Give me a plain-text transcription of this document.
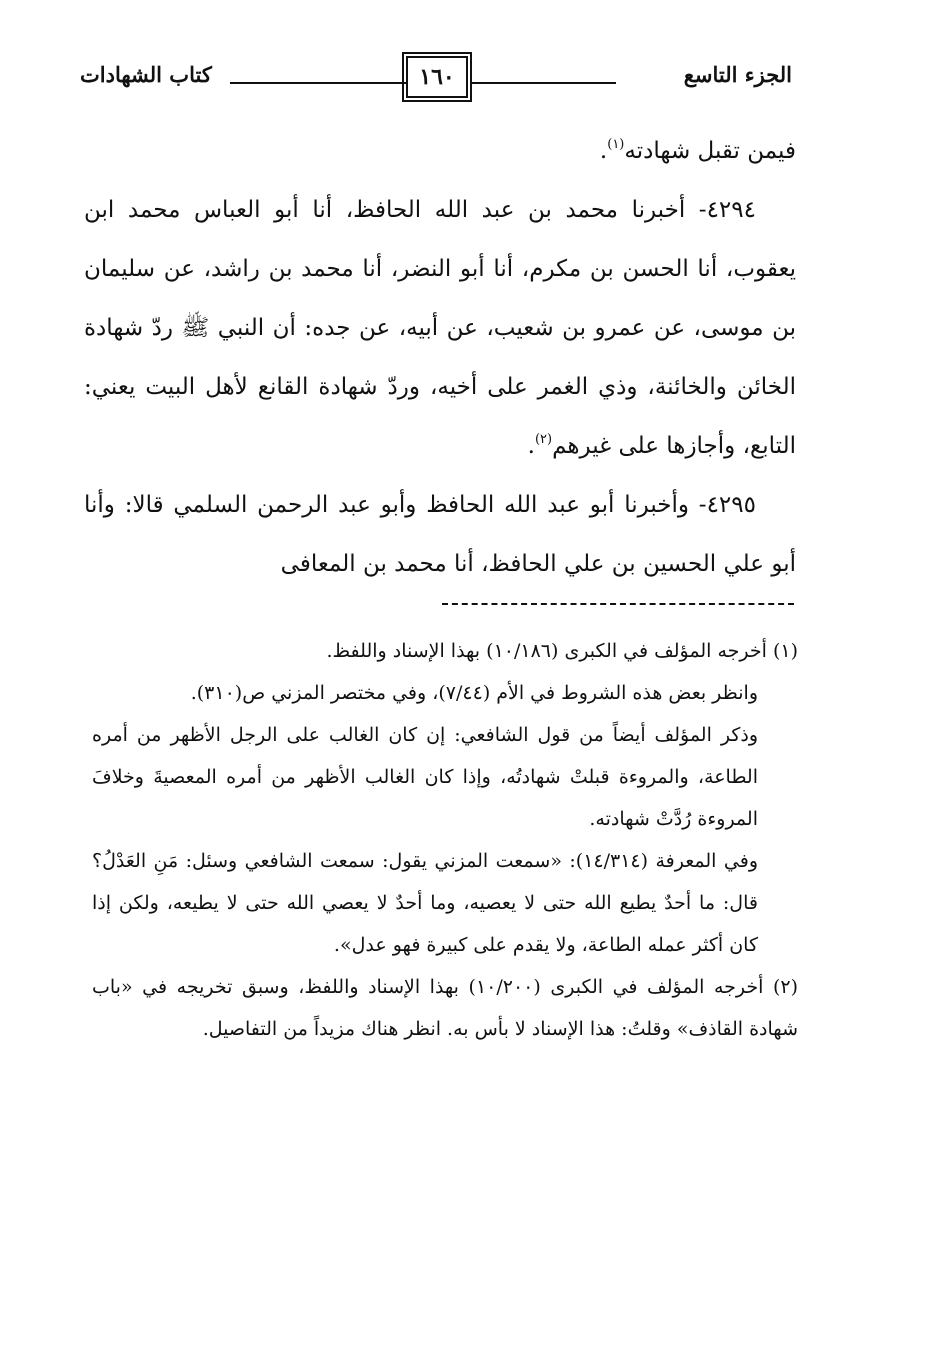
الجزء التاسع
١٦٠
كتاب الشهادات

فيمن تقبل شهادته$^{(١)}$.

٤٢٩٤- أخبرنا محمد بن عبد الله الحافظ، أنا أبو العباس محمد ابن يعقوب، أنا الحسن بن مكرم، أنا أبو النضر، أنا محمد بن راشد، عن سليمان بن موسى، عن عمرو بن شعيب، عن أبيه، عن جده: أن النبي ﷺ ردّ شهادة الخائن والخائنة، وذي الغمر على أخيه، وردّ شهادة القانع لأهل البيت يعني: التابع، وأجازها على غيرهم$^{(٢)}$.

٤٢٩٥- وأخبرنا أبو عبد الله الحافظ وأبو عبد الرحمن السلمي قالا: وأنا أبو علي الحسين بن علي الحافظ، أنا محمد بن المعافى

(١) أخرجه المؤلف في الكبرى (١٠/١٨٦) بهذا الإسناد واللفظ.

وانظر بعض هذه الشروط في الأم (٧/٤٤)، وفي مختصر المزني ص(٣١٠).

وذكر المؤلف أيضاً من قول الشافعي: إن كان الغالب على الرجل الأظهر من أمره الطاعة، والمروءة قبلتْ شهادتُه، وإذا كان الغالب الأظهر من أمره المعصيةَ وخلافَ المروءة رُدَّتْ شهادته.

وفي المعرفة (١٤/٣١٤): «سمعت المزني يقول: سمعت الشافعي وسئل: مَنِ العَدْلُ؟ قال: ما أحدٌ يطيع الله حتى لا يعصيه، وما أحدٌ لا يعصي الله حتى لا يطيعه، ولكن إذا كان أكثر عمله الطاعة، ولا يقدم على كبيرة فهو عدل».

(٢) أخرجه المؤلف في الكبرى (١٠/٢٠٠) بهذا الإسناد واللفظ، وسبق تخريجه في «باب شهادة القاذف» وقلتُ: هذا الإسناد لا بأس به. انظر هناك مزيداً من التفاصيل.
